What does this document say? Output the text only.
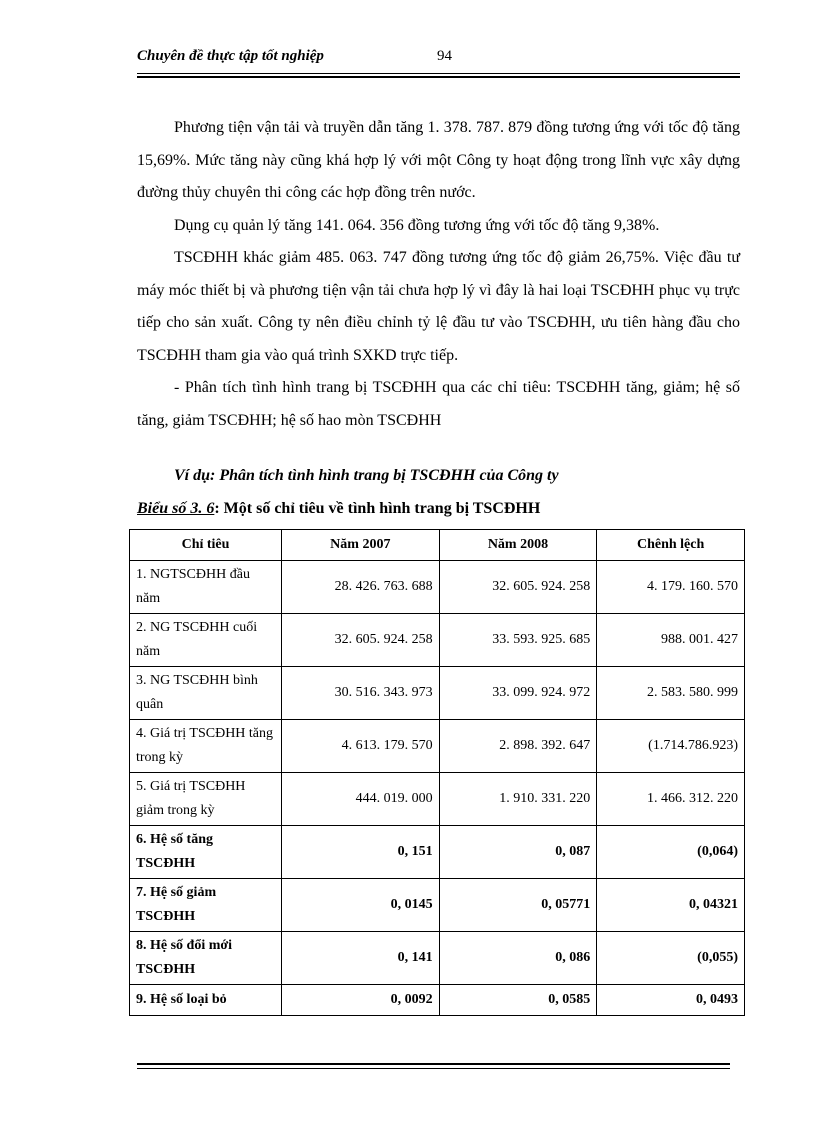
Chuyên đề thực tập tốt nghiệp	94

Phương tiện vận tải và truyền dẫn tăng 1. 378. 787. 879 đồng tương ứng với tốc độ tăng 15,69%. Mức tăng này cũng khá hợp lý với một Công ty hoạt động trong lĩnh vực xây dựng đường thủy chuyên thi công các hợp đồng trên nước.

Dụng cụ quản lý tăng 141. 064. 356 đồng tương ứng với tốc độ tăng 9,38%.

TSCĐHH khác giảm 485. 063. 747 đồng tương ứng tốc độ giảm 26,75%. Việc đầu tư máy móc thiết bị và phương tiện vận tải chưa hợp lý vì đây là hai loại TSCĐHH phục vụ trực tiếp cho sản xuất. Công ty nên điều chỉnh tỷ lệ đầu tư vào TSCĐHH, ưu tiên hàng đầu cho TSCĐHH tham gia vào quá trình SXKD trực tiếp.

- Phân tích tình hình trang bị TSCĐHH qua các chỉ tiêu: TSCĐHH tăng, giảm; hệ số tăng, giảm TSCĐHH; hệ số hao mòn TSCĐHH

Ví dụ: Phân tích tình hình trang bị TSCĐHH của Công ty
Biểu số 3. 6: Một số chỉ tiêu về tình hình trang bị TSCĐHH
Chỉ tiêu	Năm 2007	Năm 2008	Chênh lệch
1. NGTSCĐHH đầu năm	28. 426. 763. 688	32. 605. 924. 258	4. 179. 160. 570
2. NG TSCĐHH cuối năm	32. 605. 924. 258	33. 593. 925. 685	988. 001. 427
3. NG TSCĐHH bình quân	30. 516. 343. 973	33. 099. 924. 972	2. 583. 580. 999
4. Giá trị TSCĐHH tăng trong kỳ	4. 613. 179. 570	2. 898. 392. 647	(1.714.786.923)
5. Giá trị TSCĐHH giảm trong kỳ	444. 019. 000	1. 910. 331. 220	1. 466. 312. 220
6. Hệ số tăng TSCĐHH	0, 151	0, 087	(0,064)
7. Hệ số giảm TSCĐHH	0, 0145	0, 05771	0, 04321
8. Hệ số đổi mới TSCĐHH	0, 141	0, 086	(0,055)
9. Hệ số loại bỏ	0, 0092	0, 0585	0, 0493
